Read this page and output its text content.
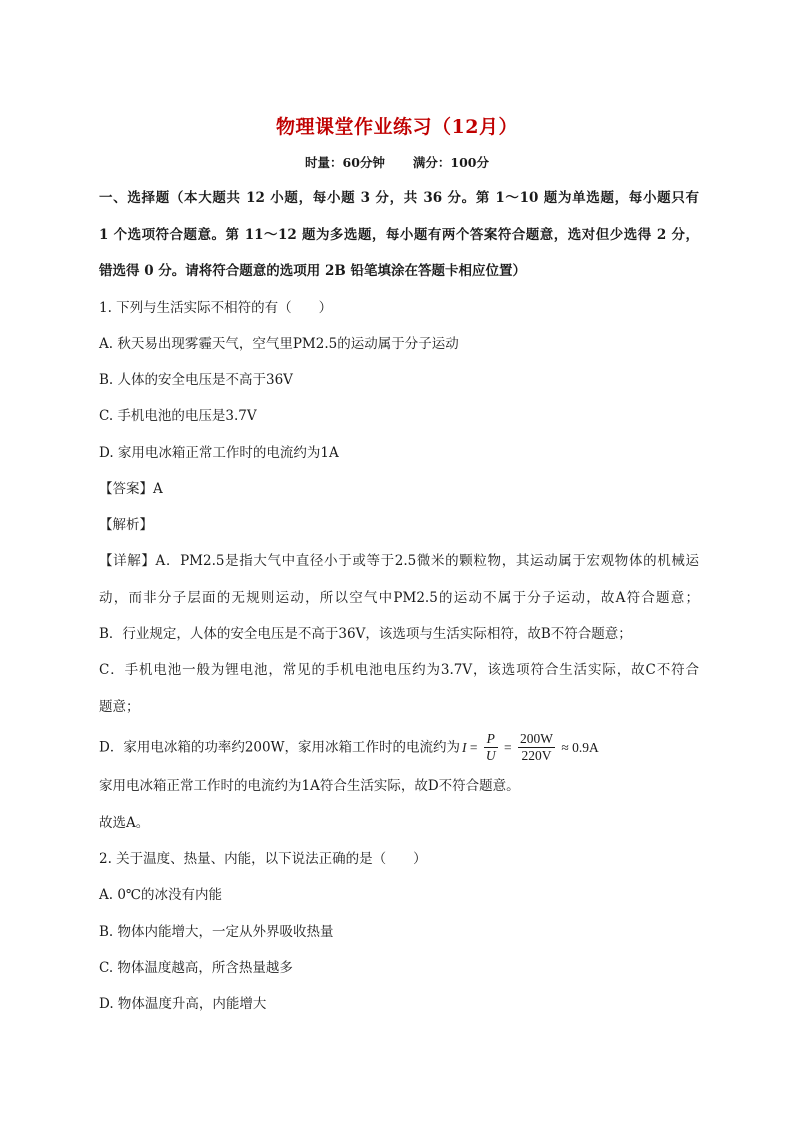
物理课堂作业练习（12月）
时量：60分钟 满分：100分
一、选择题（本大题共 12 小题，每小题 3 分，共 36 分。第 1～10 题为单选题，每小题只有
1 个选项符合题意。第 11～12 题为多选题，每小题有两个答案符合题意，选对但少选得 2 分，
错选得 0 分。请将符合题意的选项用 2B 铅笔填涂在答题卡相应位置）
1. 下列与生活实际不相符的有（　　）
A. 秋天易出现雾霾天气，空气里PM2.5的运动属于分子运动
B. 人体的安全电压是不高于36V
C. 手机电池的电压是3.7V
D. 家用电冰箱正常工作时的电流约为1A
【答案】A
【解析】
【详解】A．PM2.5是指大气中直径小于或等于2.5微米的颗粒物，其运动属于宏观物体的机械运
动，而非分子层面的无规则运动，所以空气中PM2.5的运动不属于分子运动，故A符合题意；
B．行业规定，人体的安全电压是不高于36V，该选项与生活实际相符，故B不符合题意；
C．手机电池一般为锂电池，常见的手机电池电压约为3.7V，该选项符合生活实际，故C不符合
题意；
D．家用电冰箱的功率约200W，家用冰箱工作时的电流约为 $I = \frac{P}{U} = \frac{200W}{220V} \approx 0.9A$
家用电冰箱正常工作时的电流约为1A符合生活实际，故D不符合题意。
故选A。
2. 关于温度、热量、内能，以下说法正确的是（　　）
A. 0℃的冰没有内能
B. 物体内能增大，一定从外界吸收热量
C. 物体温度越高，所含热量越多
D. 物体温度升高，内能增大
